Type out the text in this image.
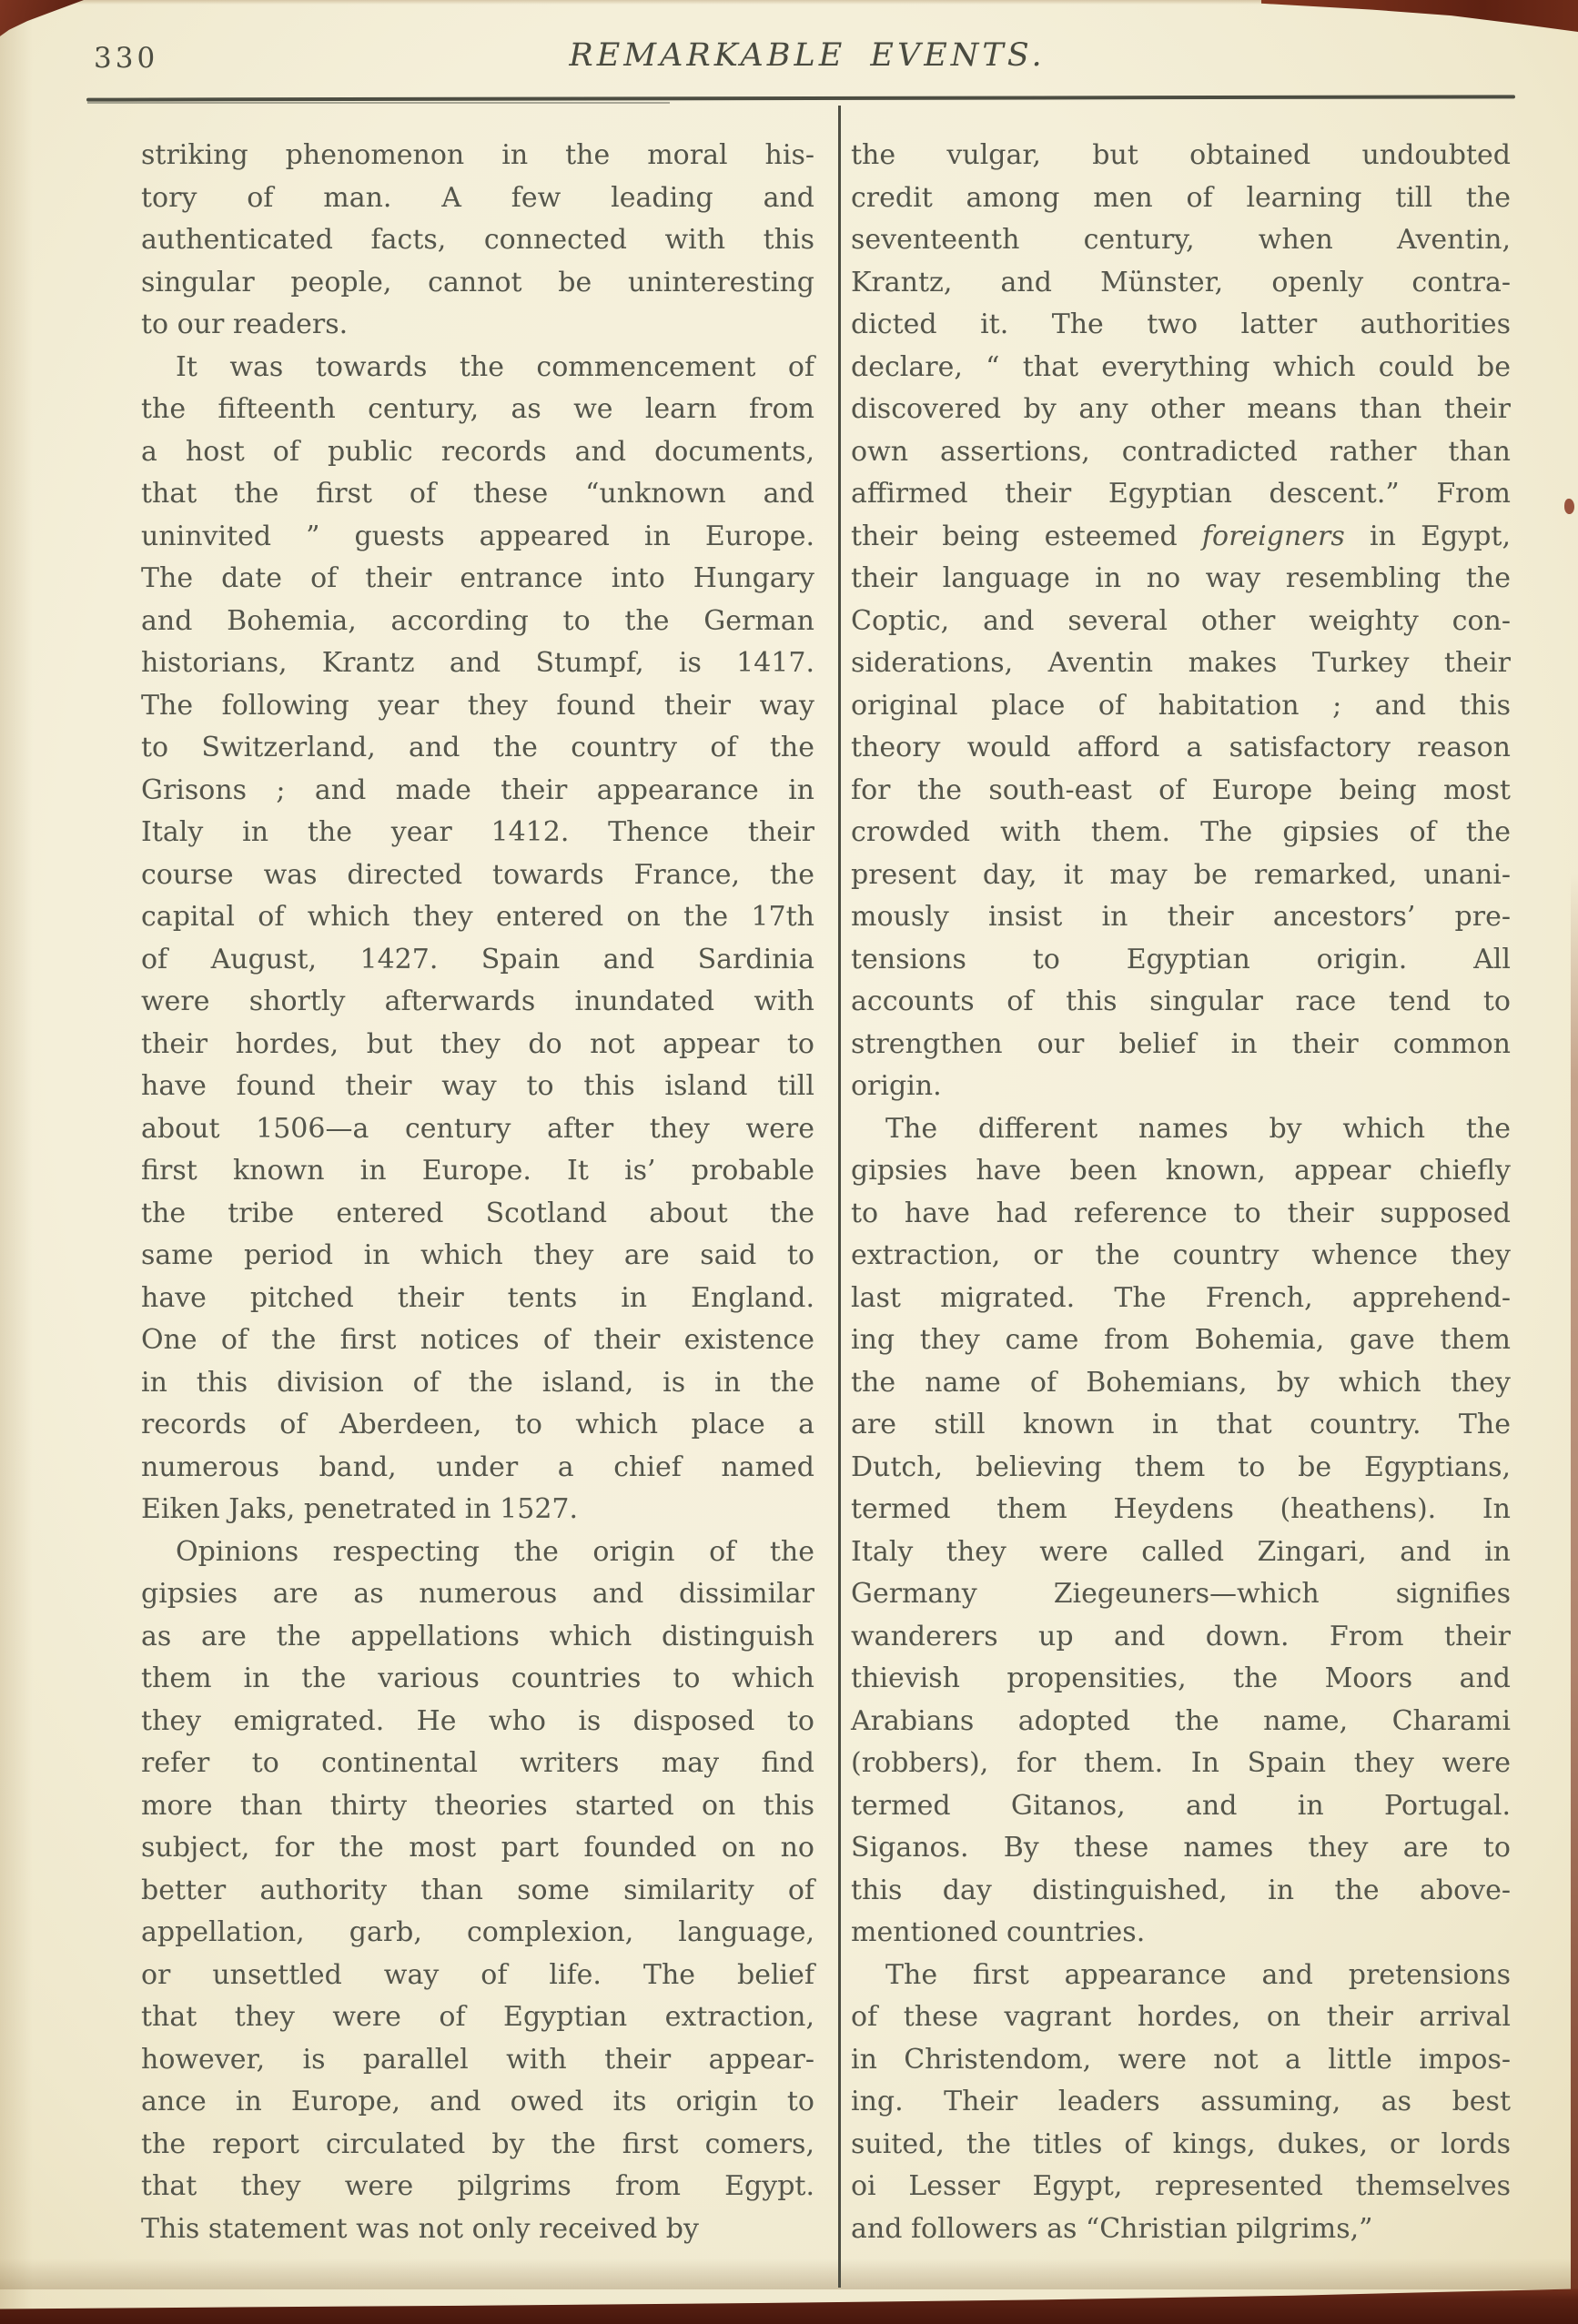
330	REMARKABLE EVENTS.
striking phenomenon in the moral his-
tory of man. A few leading and
authenticated facts, connected with this
singular people, cannot be uninteresting
to our readers.
It was towards the commencement of
the fifteenth century, as we learn from
a host of public records and documents,
that the first of these “unknown and
uninvited ” guests appeared in Europe.
The date of their entrance into Hungary
and Bohemia, according to the German
historians, Krantz and Stumpf, is 1417.
The following year they found their way
to Switzerland, and the country of the
Grisons ; and made their appearance in
Italy in the year 1412. Thence their
course was directed towards France, the
capital of which they entered on the 17th
of August, 1427. Spain and Sardinia
were shortly afterwards inundated with
their hordes, but they do not appear to
have found their way to this island till
about 1506—a century after they were
first known in Europe. It is’ probable
the tribe entered Scotland about the
same period in which they are said to
have pitched their tents in England.
One of the first notices of their existence
in this division of the island, is in the
records of Aberdeen, to which place a
numerous band, under a chief named
Eiken Jaks, penetrated in 1527.
Opinions respecting the origin of the
gipsies are as numerous and dissimilar
as are the appellations which distinguish
them in the various countries to which
they emigrated. He who is disposed to
refer to continental writers may find
more than thirty theories started on this
subject, for the most part founded on no
better authority than some similarity of
appellation, garb, complexion, language,
or unsettled way of life. The belief
that they were of Egyptian extraction,
however, is parallel with their appear-
ance in Europe, and owed its origin to
the report circulated by the first comers,
that they were pilgrims from Egypt.
This statement was not only received by
the vulgar, but obtained undoubted
credit among men of learning till the
seventeenth century, when Aventin,
Krantz, and Münster, openly contra-
dicted it. The two latter authorities
declare, “ that everything which could be
discovered by any other means than their
own assertions, contradicted rather than
affirmed their Egyptian descent.” From
their being esteemed foreigners in Egypt,
their language in no way resembling the
Coptic, and several other weighty con-
siderations, Aventin makes Turkey their
original place of habitation ; and this
theory would afford a satisfactory reason
for the south-east of Europe being most
crowded with them. The gipsies of the
present day, it may be remarked, unani-
mously insist in their ancestors’ pre-
tensions to Egyptian origin. All
accounts of this singular race tend to
strengthen our belief in their common
origin.
The different names by which the
gipsies have been known, appear chiefly
to have had reference to their supposed
extraction, or the country whence they
last migrated. The French, apprehend-
ing they came from Bohemia, gave them
the name of Bohemians, by which they
are still known in that country. The
Dutch, believing them to be Egyptians,
termed them Heydens (heathens). In
Italy they were called Zingari, and in
Germany Ziegeuners—which signifies
wanderers up and down. From their
thievish propensities, the Moors and
Arabians adopted the name, Charami
(robbers), for them. In Spain they were
termed Gitanos, and in Portugal.
Siganos. By these names they are to
this day distinguished, in the above-
mentioned countries.
The first appearance and pretensions
of these vagrant hordes, on their arrival
in Christendom, were not a little impos-
ing. Their leaders assuming, as best
suited, the titles of kings, dukes, or lords
oi Lesser Egypt, represented themselves
and followers as “Christian pilgrims,”
